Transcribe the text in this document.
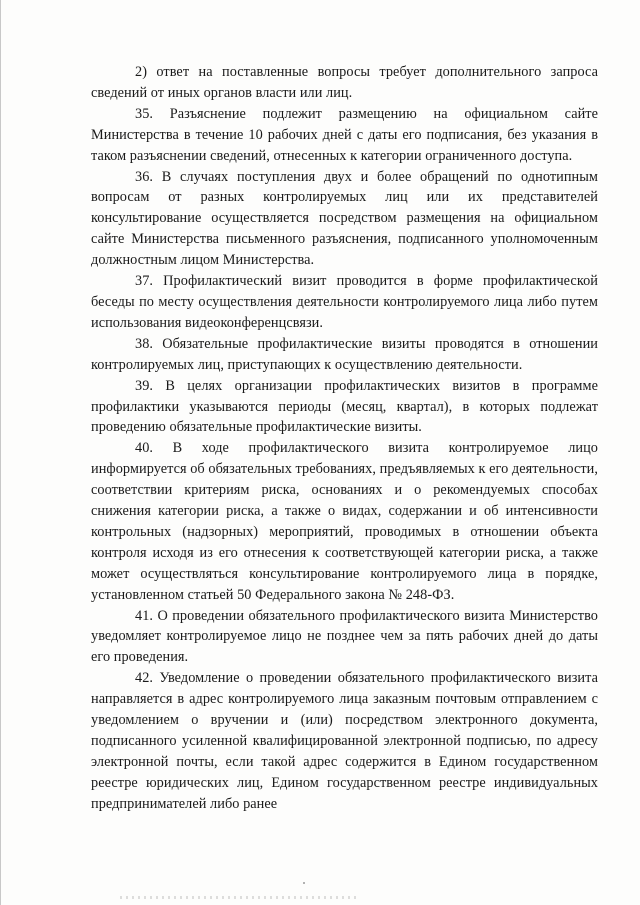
2) ответ на поставленные вопросы требует дополнительного запроса сведений от иных органов власти или лиц.

35. Разъяснение подлежит размещению на официальном сайте Министерства в течение 10 рабочих дней с даты его подписания, без указания в таком разъяснении сведений, отнесенных к категории ограниченного доступа.

36. В случаях поступления двух и более обращений по однотипным вопросам от разных контролируемых лиц или их представителей консультирование осуществляется посредством размещения на официальном сайте Министерства письменного разъяснения, подписанного уполномоченным должностным лицом Министерства.

37. Профилактический визит проводится в форме профилактической беседы по месту осуществления деятельности контролируемого лица либо путем использования видеоконференцсвязи.

38. Обязательные профилактические визиты проводятся в отношении контролируемых лиц, приступающих к осуществлению деятельности.

39. В целях организации профилактических визитов в программе профилактики указываются периоды (месяц, квартал), в которых подлежат проведению обязательные профилактические визиты.

40. В ходе профилактического визита контролируемое лицо информируется об обязательных требованиях, предъявляемых к его деятельности, соответствии критериям риска, основаниях и о рекомендуемых способах снижения категории риска, а также о видах, содержании и об интенсивности контрольных (надзорных) мероприятий, проводимых в отношении объекта контроля исходя из его отнесения к соответствующей категории риска, а также может осуществляться консультирование контролируемого лица в порядке, установленном статьей 50 Федерального закона № 248-ФЗ.

41. О проведении обязательного профилактического визита Министерство уведомляет контролируемое лицо не позднее чем за пять рабочих дней до даты его проведения.

42. Уведомление о проведении обязательного профилактического визита направляется в адрес контролируемого лица заказным почтовым отправлением с уведомлением о вручении и (или) посредством электронного документа, подписанного усиленной квалифицированной электронной подписью, по адресу электронной почты, если такой адрес содержится в Едином государственном реестре юридических лиц, Едином государственном реестре индивидуальных предпринимателей либо ранее
